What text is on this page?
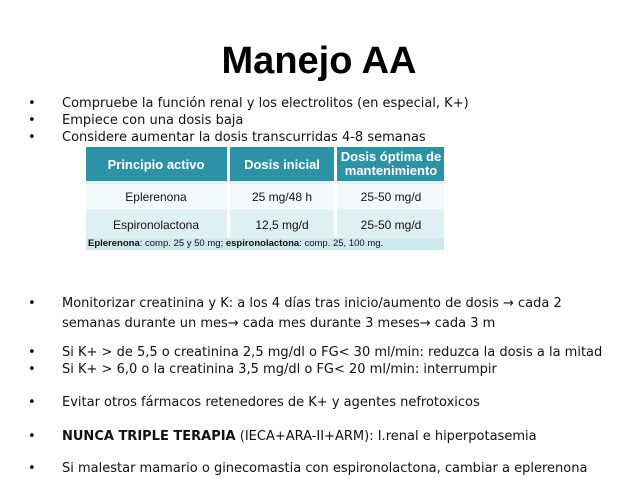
Manejo AA
•	Compruebe la función renal y los electrolitos (en especial, K+)
•	Empiece con una dosis baja
•	Considere aumentar la dosis transcurridas 4-8 semanas
•	Monitorizar creatinina y K: a los 4 días tras inicio/aumento de dosis → cada 2 semanas durante un mes→ cada mes durante 3 meses→ cada 3 m
•	Si K+ > de 5,5 o creatinina 2,5 mg/dl o FG< 30 ml/min: reduzca la dosis a la mitad
•	Si K+ > 6,0 o la creatinina 3,5 mg/dl o FG< 20 ml/min: interrumpir
•	Evitar otros fármacos retenedores de K+ y agentes nefrotoxicos
•	NUNCA TRIPLE TERAPIA (IECA+ARA-II+ARM): I.renal e hiperpotasemia
•	Si malestar mamario o ginecomastia con espironolactona, cambiar a eplerenona
Principio activo	Dosis inicial	Dosis óptima de mantenimiento
Eplerenona	25 mg/48 h	25-50 mg/d
Espironolactona	12,5 mg/d	25-50 mg/d
Eplerenona: comp. 25 y 50 mg; espironolactona: comp. 25, 100 mg.
